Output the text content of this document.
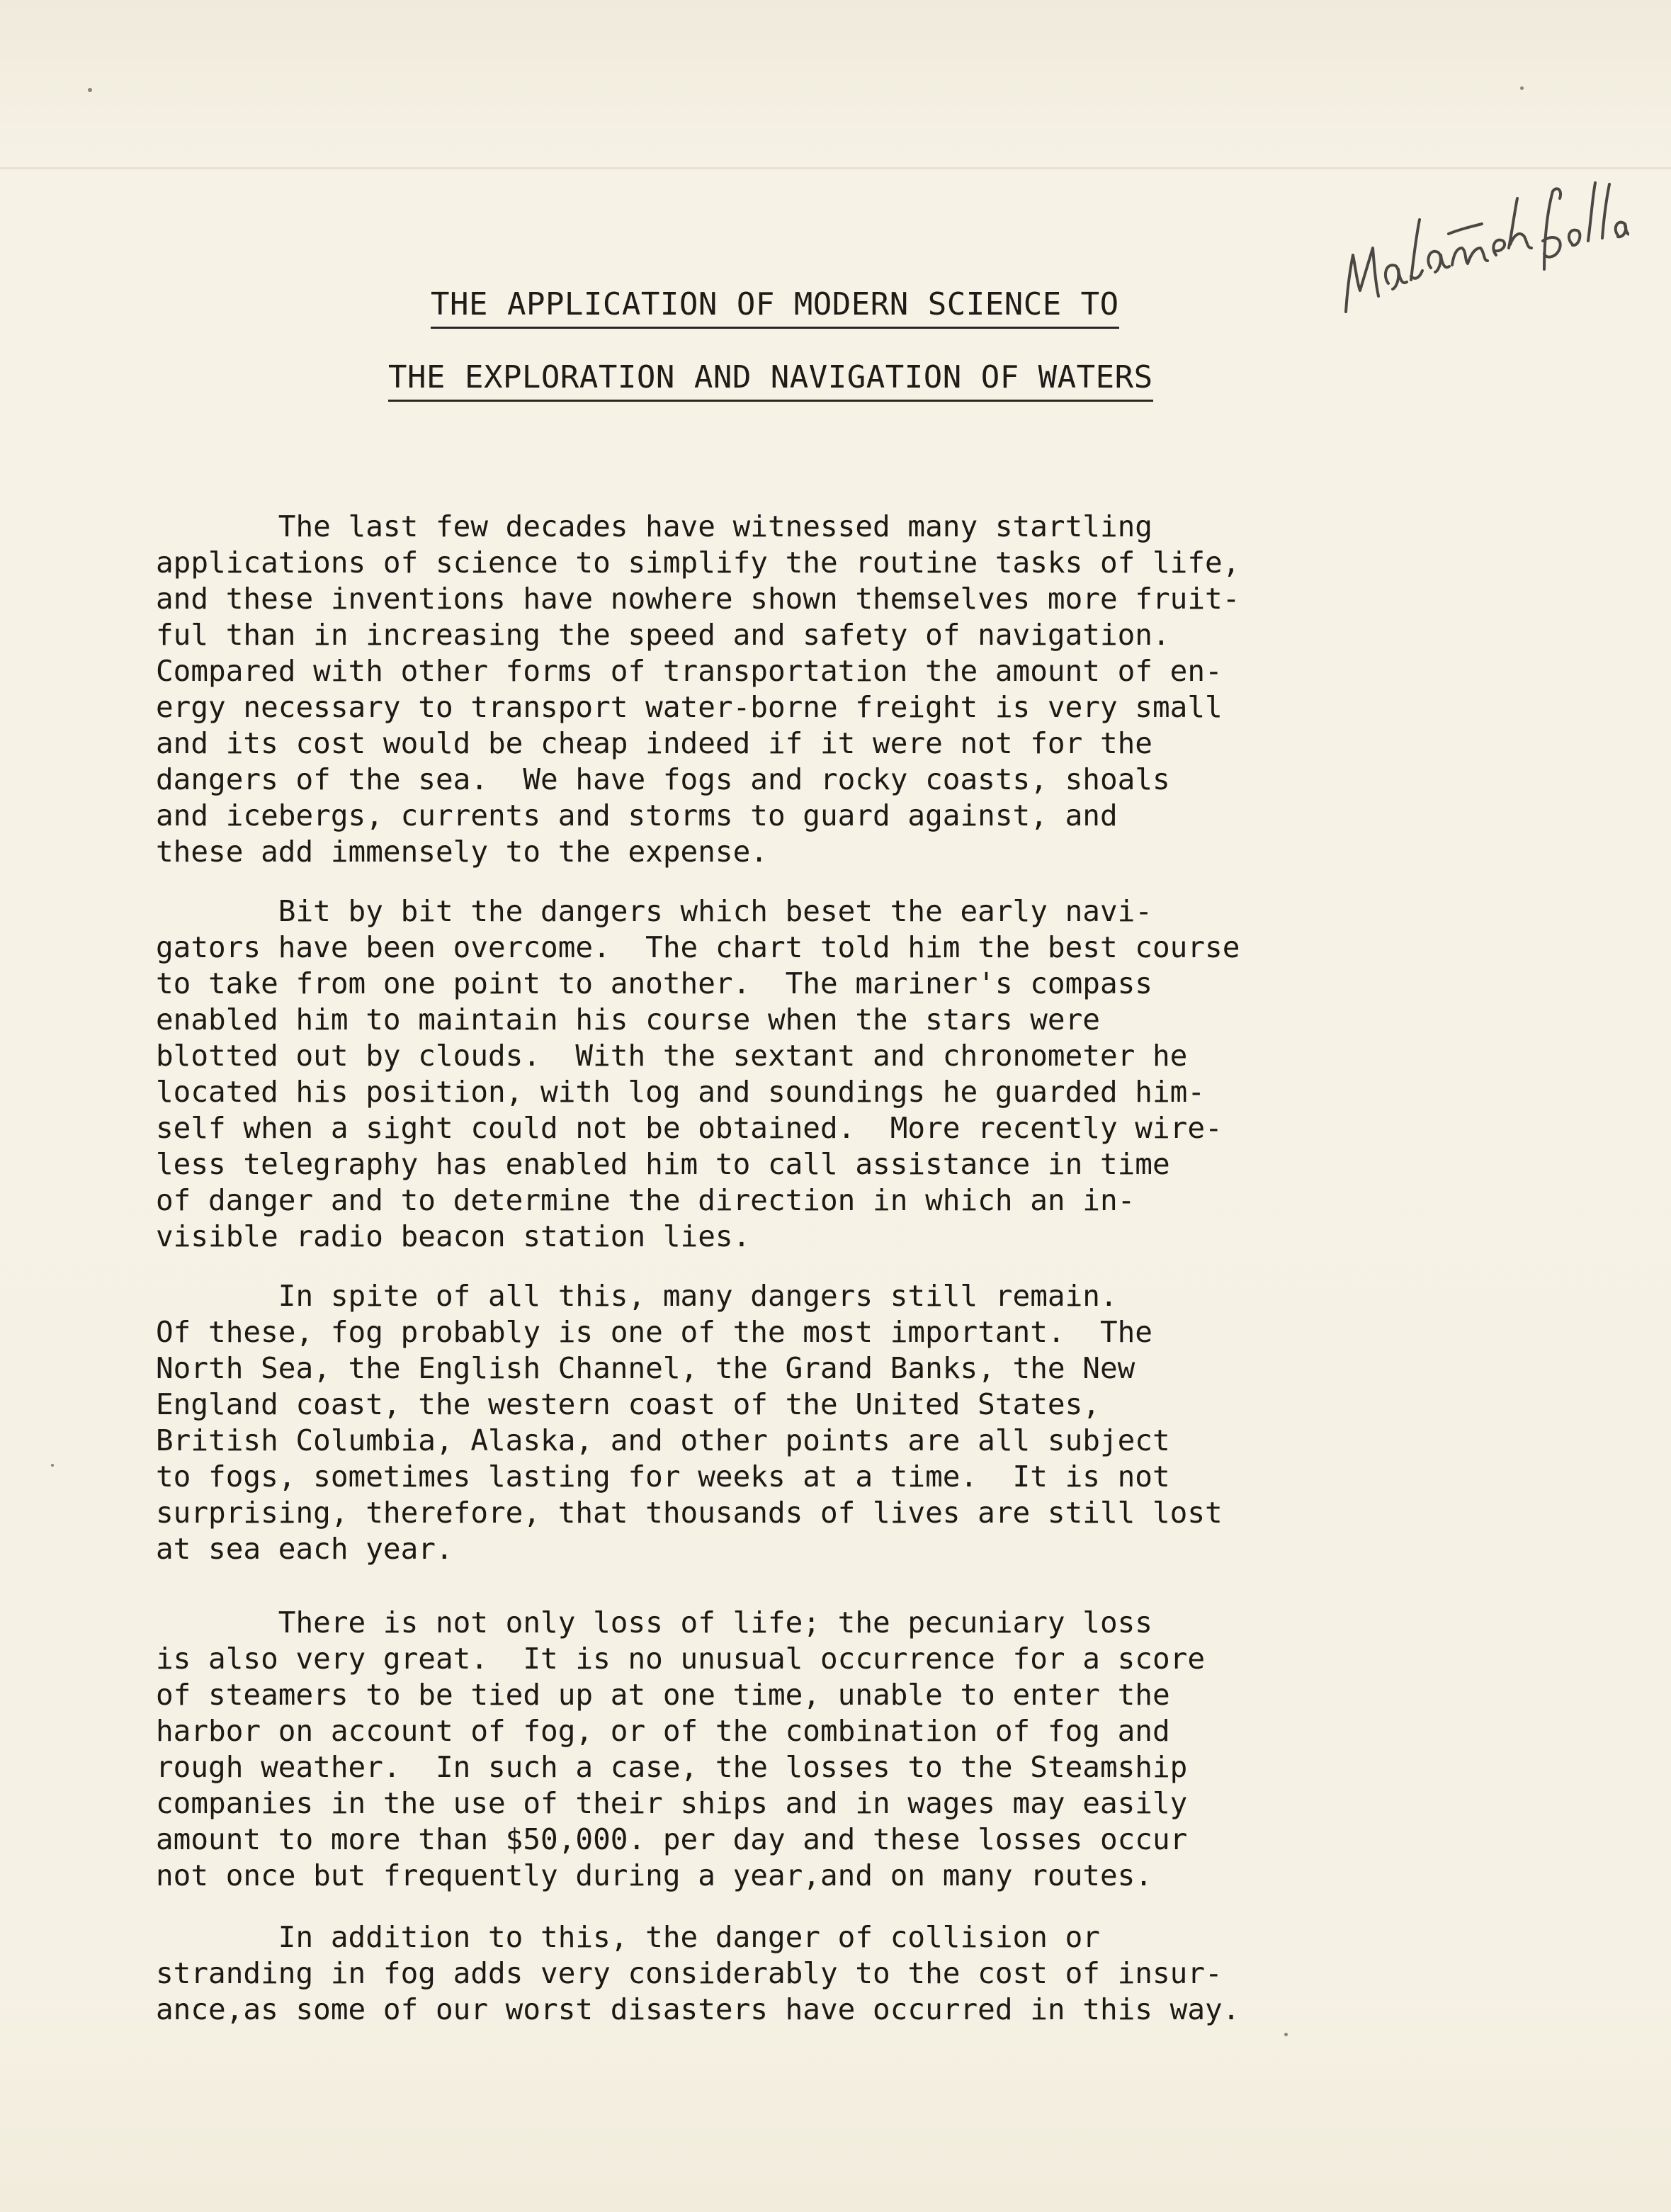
THE APPLICATION OF MODERN SCIENCE TO
THE EXPLORATION AND NAVIGATION OF WATERS
The last few decades have witnessed many startling
applications of science to simplify the routine tasks of life,
and these inventions have nowhere shown themselves more fruit-
ful than in increasing the speed and safety of navigation.
Compared with other forms of transportation the amount of en-
ergy necessary to transport water-borne freight is very small
and its cost would be cheap indeed if it were not for the
dangers of the sea.  We have fogs and rocky coasts, shoals
and icebergs, currents and storms to guard against, and
these add immensely to the expense.
Bit by bit the dangers which beset the early navi-
gators have been overcome.  The chart told him the best course
to take from one point to another.  The mariner's compass
enabled him to maintain his course when the stars were
blotted out by clouds.  With the sextant and chronometer he
located his position, with log and soundings he guarded him-
self when a sight could not be obtained.  More recently wire-
less telegraphy has enabled him to call assistance in time
of danger and to determine the direction in which an in-
visible radio beacon station lies.
In spite of all this, many dangers still remain.
Of these, fog probably is one of the most important.  The
North Sea, the English Channel, the Grand Banks, the New
England coast, the western coast of the United States,
British Columbia, Alaska, and other points are all subject
to fogs, sometimes lasting for weeks at a time.  It is not
surprising, therefore, that thousands of lives are still lost
at sea each year.
There is not only loss of life; the pecuniary loss
is also very great.  It is no unusual occurrence for a score
of steamers to be tied up at one time, unable to enter the
harbor on account of fog, or of the combination of fog and
rough weather.  In such a case, the losses to the Steamship
companies in the use of their ships and in wages may easily
amount to more than $50,000. per day and these losses occur
not once but frequently during a year,and on many routes.
In addition to this, the danger of collision or
stranding in fog adds very considerably to the cost of insur-
ance,as some of our worst disasters have occurred in this way.
